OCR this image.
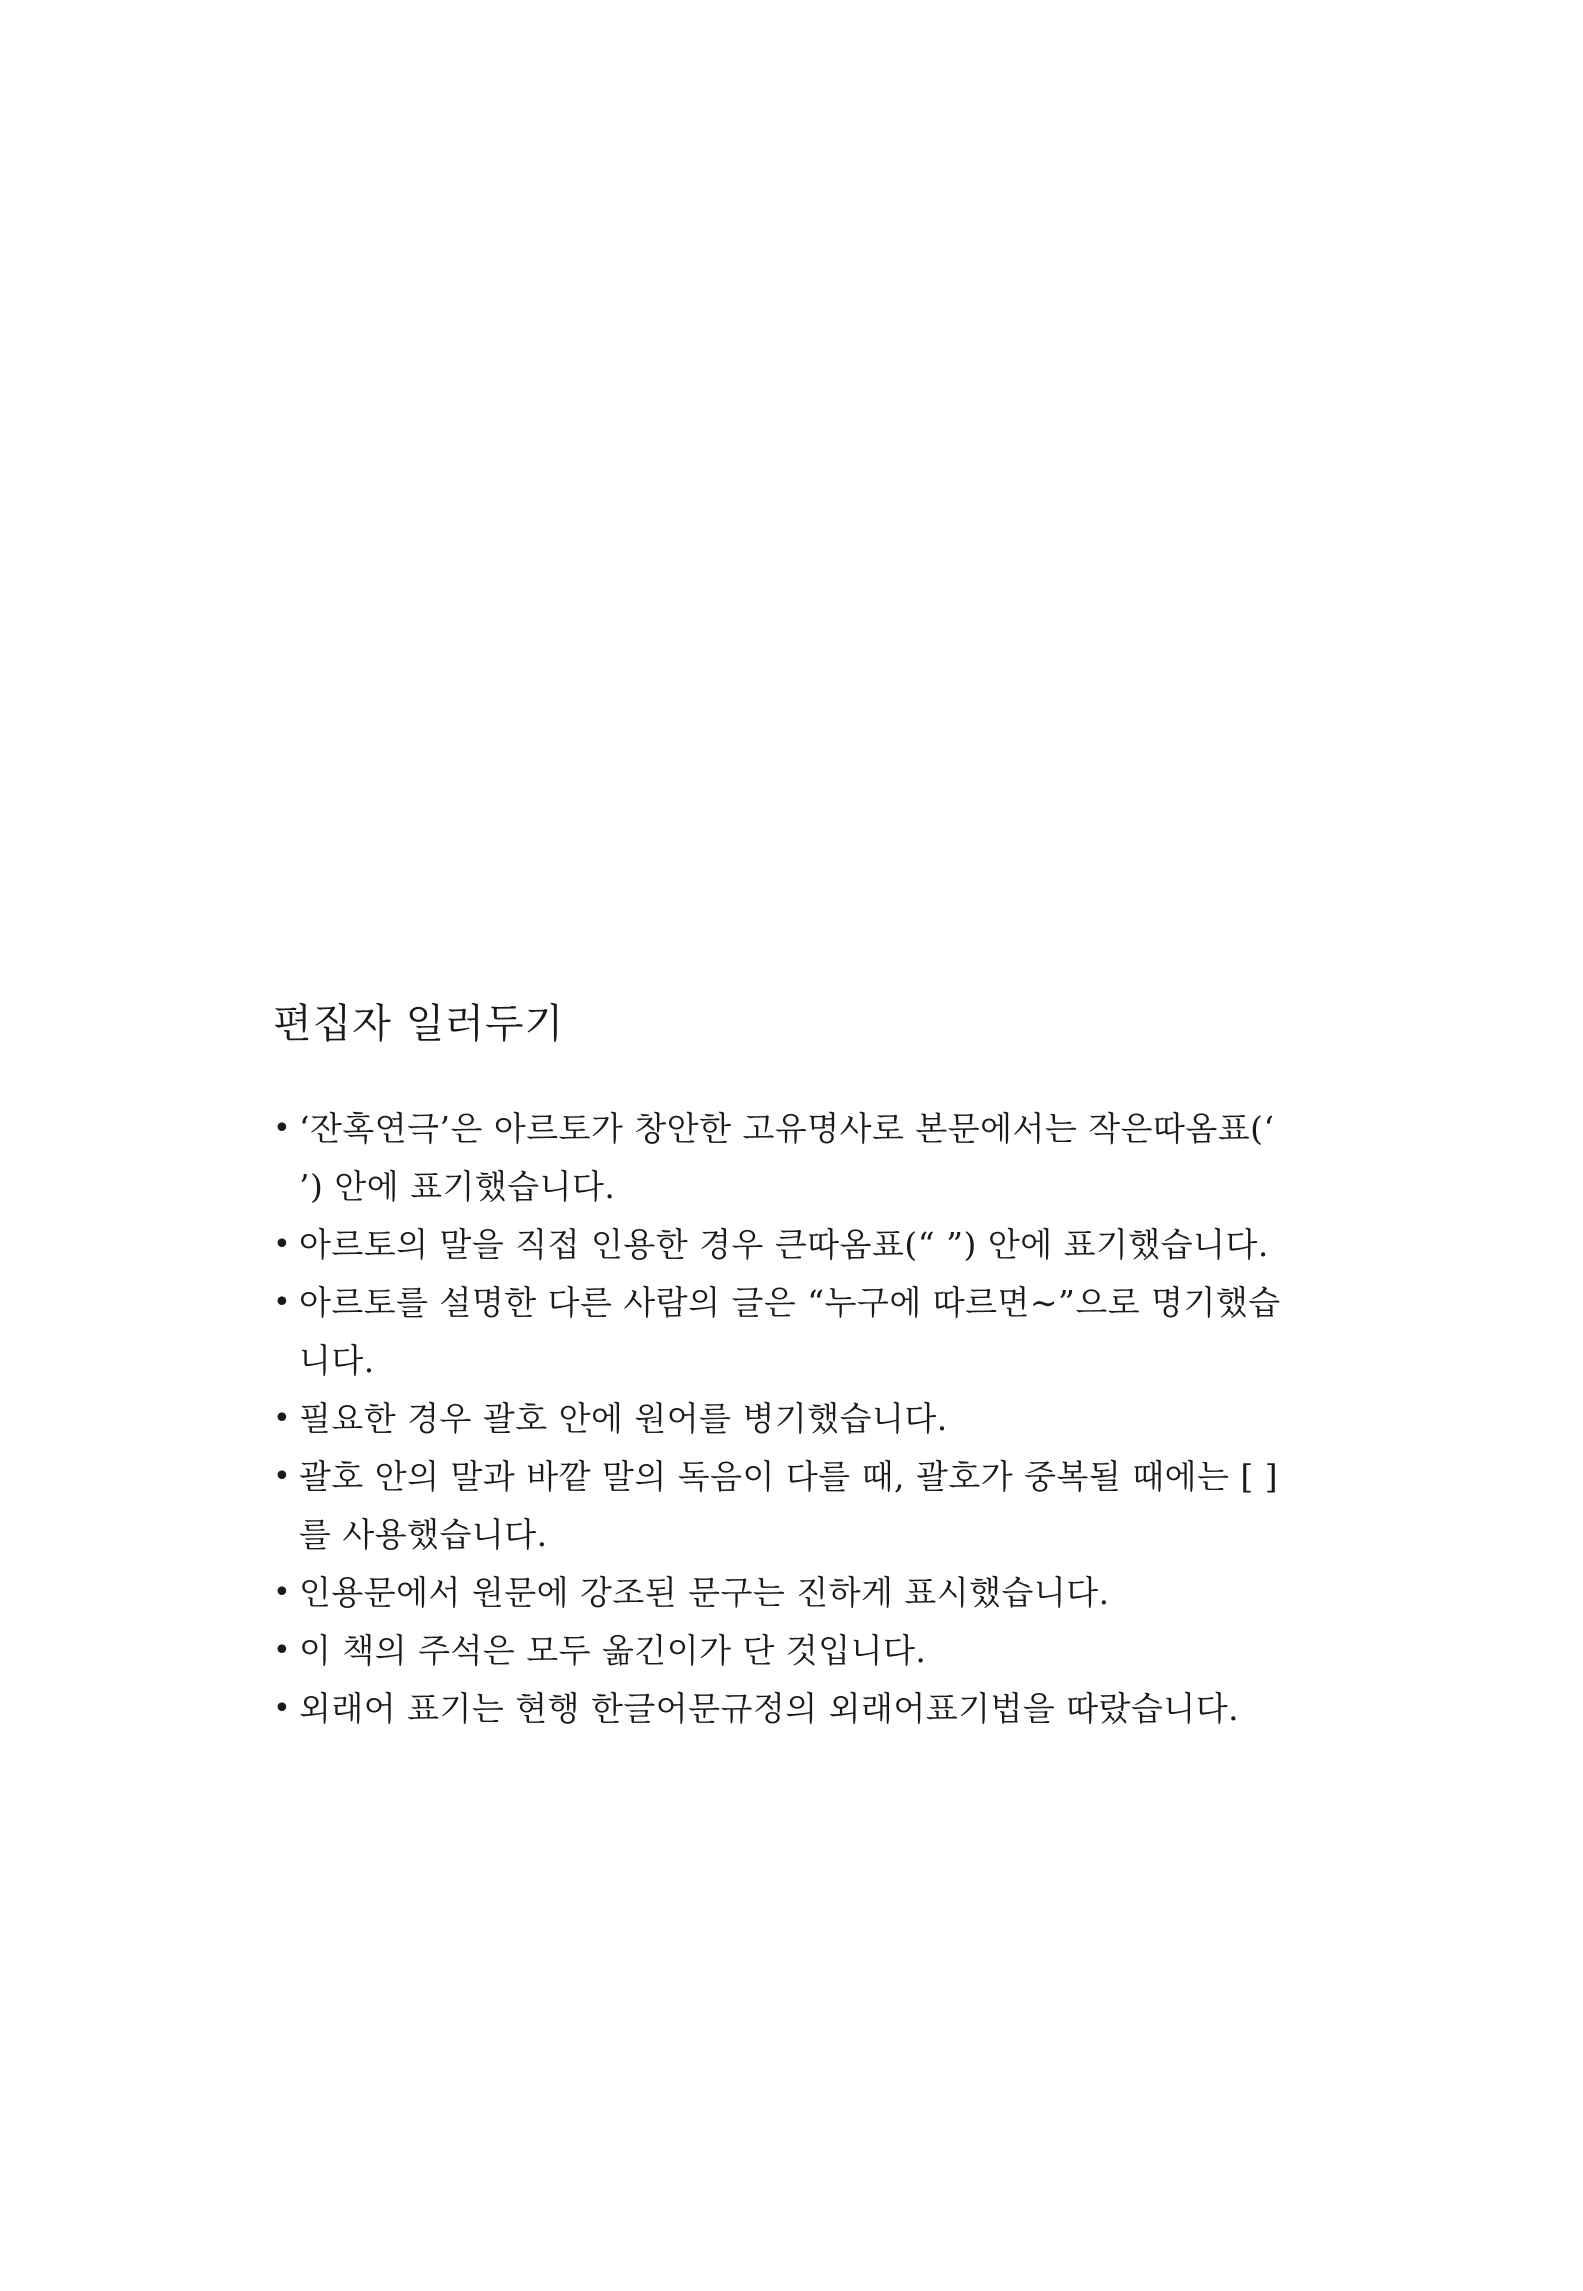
편집자 일러두기
• ‘잔혹연극’은 아르토가 창안한 고유명사로 본문에서는 작은따옴표(‘ ’) 안에 표기했습니다.
• 아르토의 말을 직접 인용한 경우 큰따옴표(“ ”) 안에 표기했습니다.
• 아르토를 설명한 다른 사람의 글은 “누구에 따르면∼”으로 명기했습니다.
• 필요한 경우 괄호 안에 원어를 병기했습니다.
• 괄호 안의 말과 바깥 말의 독음이 다를 때, 괄호가 중복될 때에는 [ ]를 사용했습니다.
• 인용문에서 원문에 강조된 문구는 진하게 표시했습니다.
• 이 책의 주석은 모두 옮긴이가 단 것입니다.
• 외래어 표기는 현행 한글어문규정의 외래어표기법을 따랐습니다.
